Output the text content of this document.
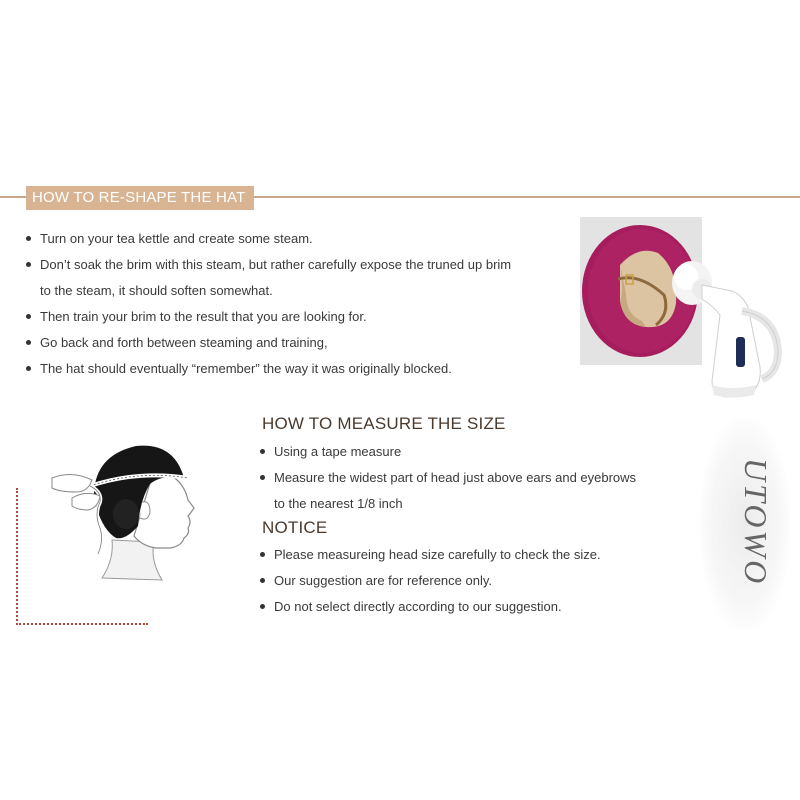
HOW TO RE-SHAPE THE HAT
Turn on your tea kettle and create some steam.
Don’t soak the brim with this steam, but rather carefully expose the truned up brim
to the steam, it should soften somewhat.
Then train your brim to the result that you are looking for.
Go back and forth between steaming and training,
The hat should eventually “remember” the way it was originally blocked.
HOW TO MEASURE THE SIZE
Using a tape measure
Measure the widest part of head just above ears and eyebrows
to the nearest 1/8 inch
NOTICE
Please measureing head size carefully to check the size.
Our suggestion are for reference only.
Do not select directly according to our suggestion.
UTOWO
